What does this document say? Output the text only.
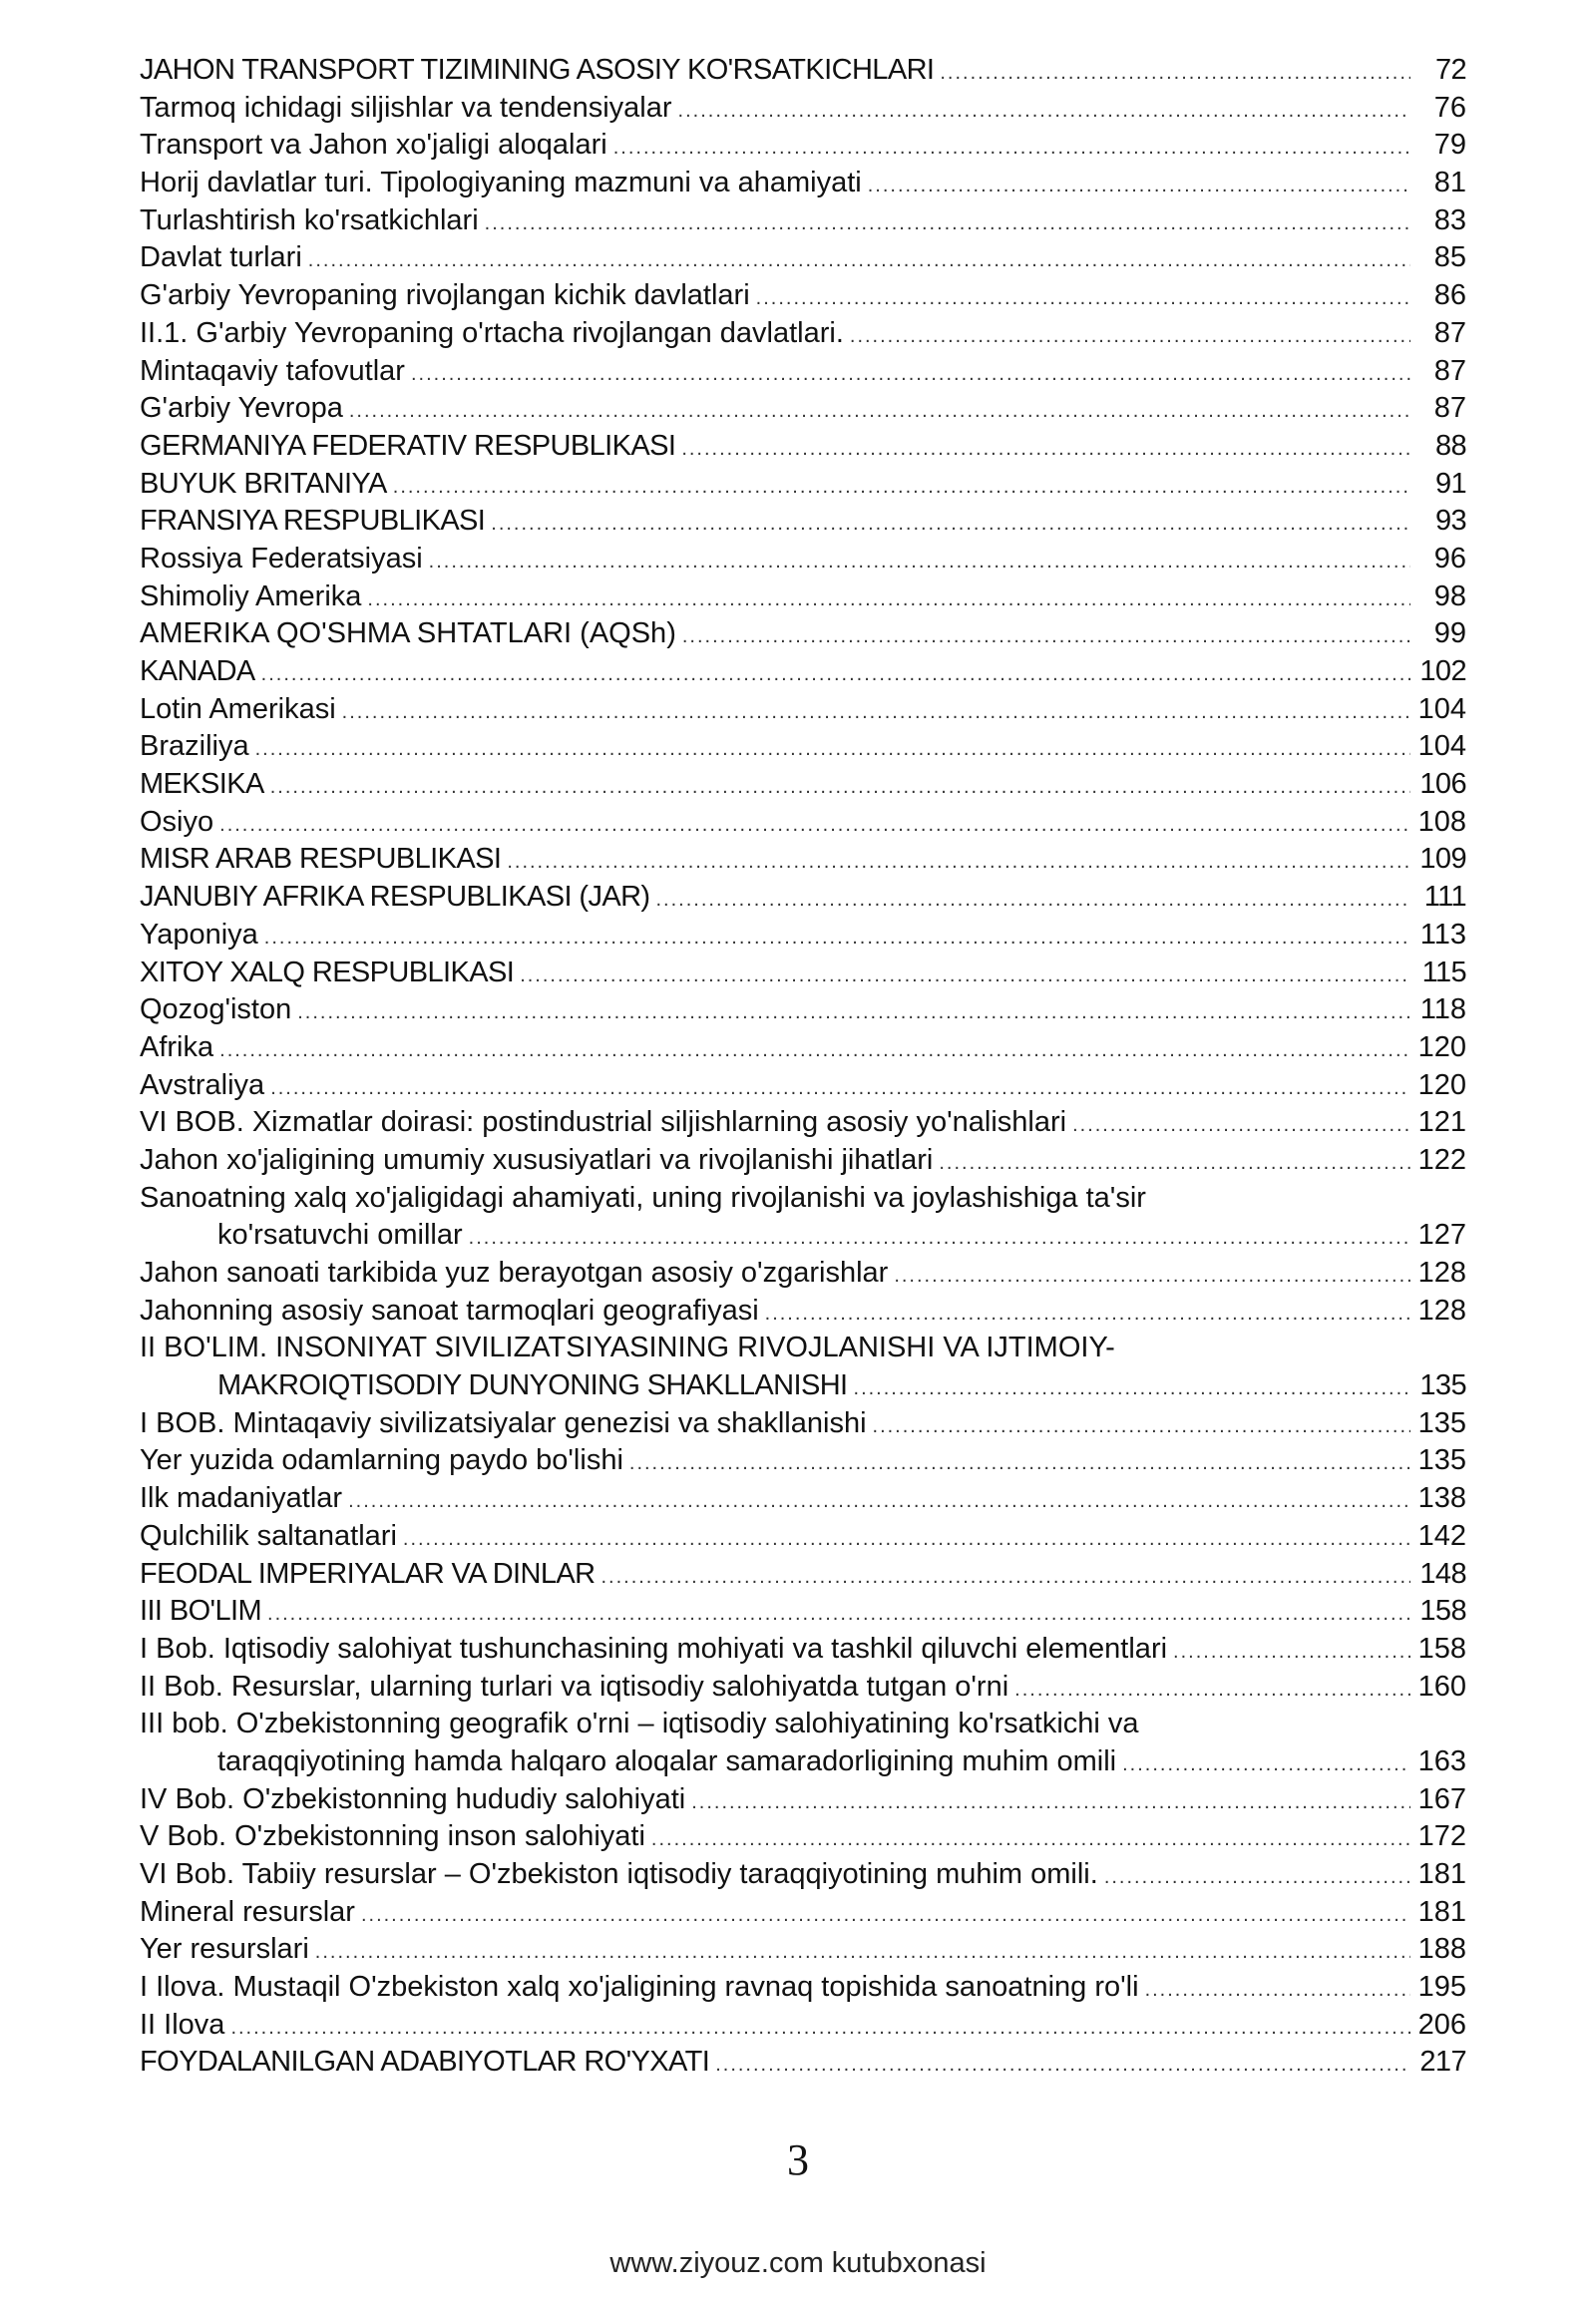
JAHON TRANSPORT TIZIMINING ASOSIY KO'RSATKICHLARI .....	72
Tarmoq ichidagi siljishlar va tendensiyalar .....	76
Transport va Jahon xo'jaligi aloqalari .....	79
Horij davlatlar turi. Tipologiyaning mazmuni va ahamiyati .....	81
Turlashtirish ko'rsatkichlari .....	83
Davlat turlari .....	85
G'arbiy Yevropaning rivojlangan kichik davlatlari .....	86
II.1. G'arbiy Yevropaning o'rtacha rivojlangan davlatlari. .....	87
Mintaqaviy tafovutlar .....	87
G'arbiy Yevropa .....	87
GERMANIYA FEDERATIV RESPUBLIKASI .....	88
BUYUK BRITANIYA .....	91
FRANSIYA RESPUBLIKASI .....	93
Rossiya Federatsiyasi .....	96
Shimoliy Amerika .....	98
AMERIKA QO'SHMA SHTATLARI (AQSh) .....	99
KANADA .....	102
Lotin Amerikasi .....	104
Braziliya .....	104
MEKSIKA .....	106
Osiyo .....	108
MISR ARAB RESPUBLIKASI .....	109
JANUBIY AFRIKA RESPUBLIKASI (JAR) .....	111
Yaponiya .....	113
XITOY XALQ RESPUBLIKASI .....	115
Qozog'iston .....	118
Afrika .....	120
Avstraliya .....	120
VI BOB. Xizmatlar doirasi: postindustrial siljishlarning asosiy yo'nalishlari .....	121
Jahon xo'jaligining umumiy xususiyatlari va rivojlanishi jihatlari .....	122
Sanoatning xalq xo'jaligidagi ahamiyati, uning rivojlanishi va joylashishiga ta'sir
ko'rsatuvchi omillar .....	127
Jahon sanoati tarkibida yuz berayotgan asosiy o'zgarishlar .....	128
Jahonning asosiy sanoat tarmoqlari geografiyasi .....	128
II BO'LIM. INSONIYAT SIVILIZATSIYASINING RIVOJLANISHI VA IJTIMOIY-
MAKROIQTISODIY DUNYONING SHAKLLANISHI .....	135
I BOB. Mintaqaviy sivilizatsiyalar genezisi va shakllanishi .....	135
Yer yuzida odamlarning paydo bo'lishi .....	135
Ilk madaniyatlar .....	138
Qulchilik saltanatlari .....	142
FEODAL IMPERIYALAR VA DINLAR .....	148
III BO'LIM .....	158
I Bob. Iqtisodiy salohiyat tushunchasining mohiyati va tashkil qiluvchi elementlari .....	158
II Bob. Resurslar, ularning turlari va iqtisodiy salohiyatda tutgan o'rni .....	160
III bob. O'zbekistonning geografik o'rni – iqtisodiy salohiyatining ko'rsatkichi va
taraqqiyotining hamda halqaro aloqalar samaradorligining muhim omili .....	163
IV Bob. O'zbekistonning hududiy salohiyati .....	167
V Bob. O'zbekistonning inson salohiyati .....	172
VI Bob. Tabiiy resurslar – O'zbekiston iqtisodiy taraqqiyotining muhim omili. .....	181
Mineral resurslar .....	181
Yer resurslari .....	188
I Ilova. Mustaqil O'zbekiston xalq xo'jaligining ravnaq topishida sanoatning ro'li .....	195
II Ilova .....	206
FOYDALANILGAN ADABIYOTLAR RO'YXATI .....	217
3
www.ziyouz.com kutubxonasi
